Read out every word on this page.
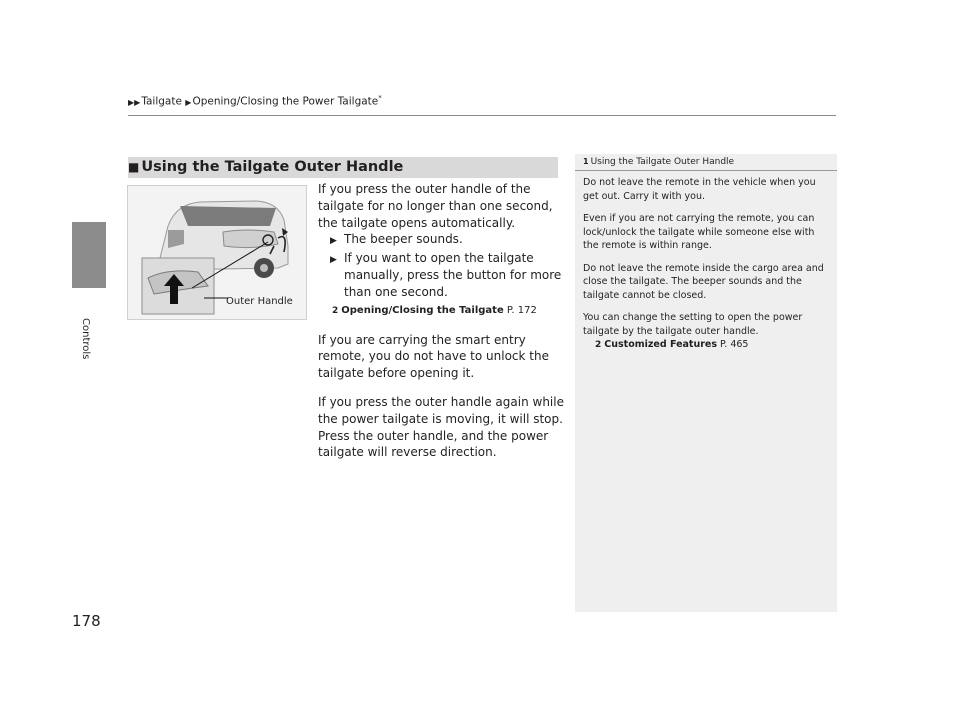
▶▶Tailgate ▶Opening/Closing the Power Tailgate*
Controls
178
■ Using the Tailgate Outer Handle
Outer Handle

If you press the outer handle of the tailgate for no longer than one second, the tailgate opens automatically.

▶ The beeper sounds.
▶ If you want to open the tailgate manually, press the button for more than one second.
2 Opening/Closing the Tailgate P. 172

If you are carrying the smart entry remote, you do not have to unlock the tailgate before opening it.

If you press the outer handle again while the power tailgate is moving, it will stop.

Press the outer handle, and the power tailgate will reverse direction.

1 Using the Tailgate Outer Handle

Do not leave the remote in the vehicle when you get out. Carry it with you.

Even if you are not carrying the remote, you can lock/unlock the tailgate while someone else with the remote is within range.

Do not leave the remote inside the cargo area and close the tailgate. The beeper sounds and the tailgate cannot be closed.

You can change the setting to open the power tailgate by the tailgate outer handle.

2 Customized Features P. 465
